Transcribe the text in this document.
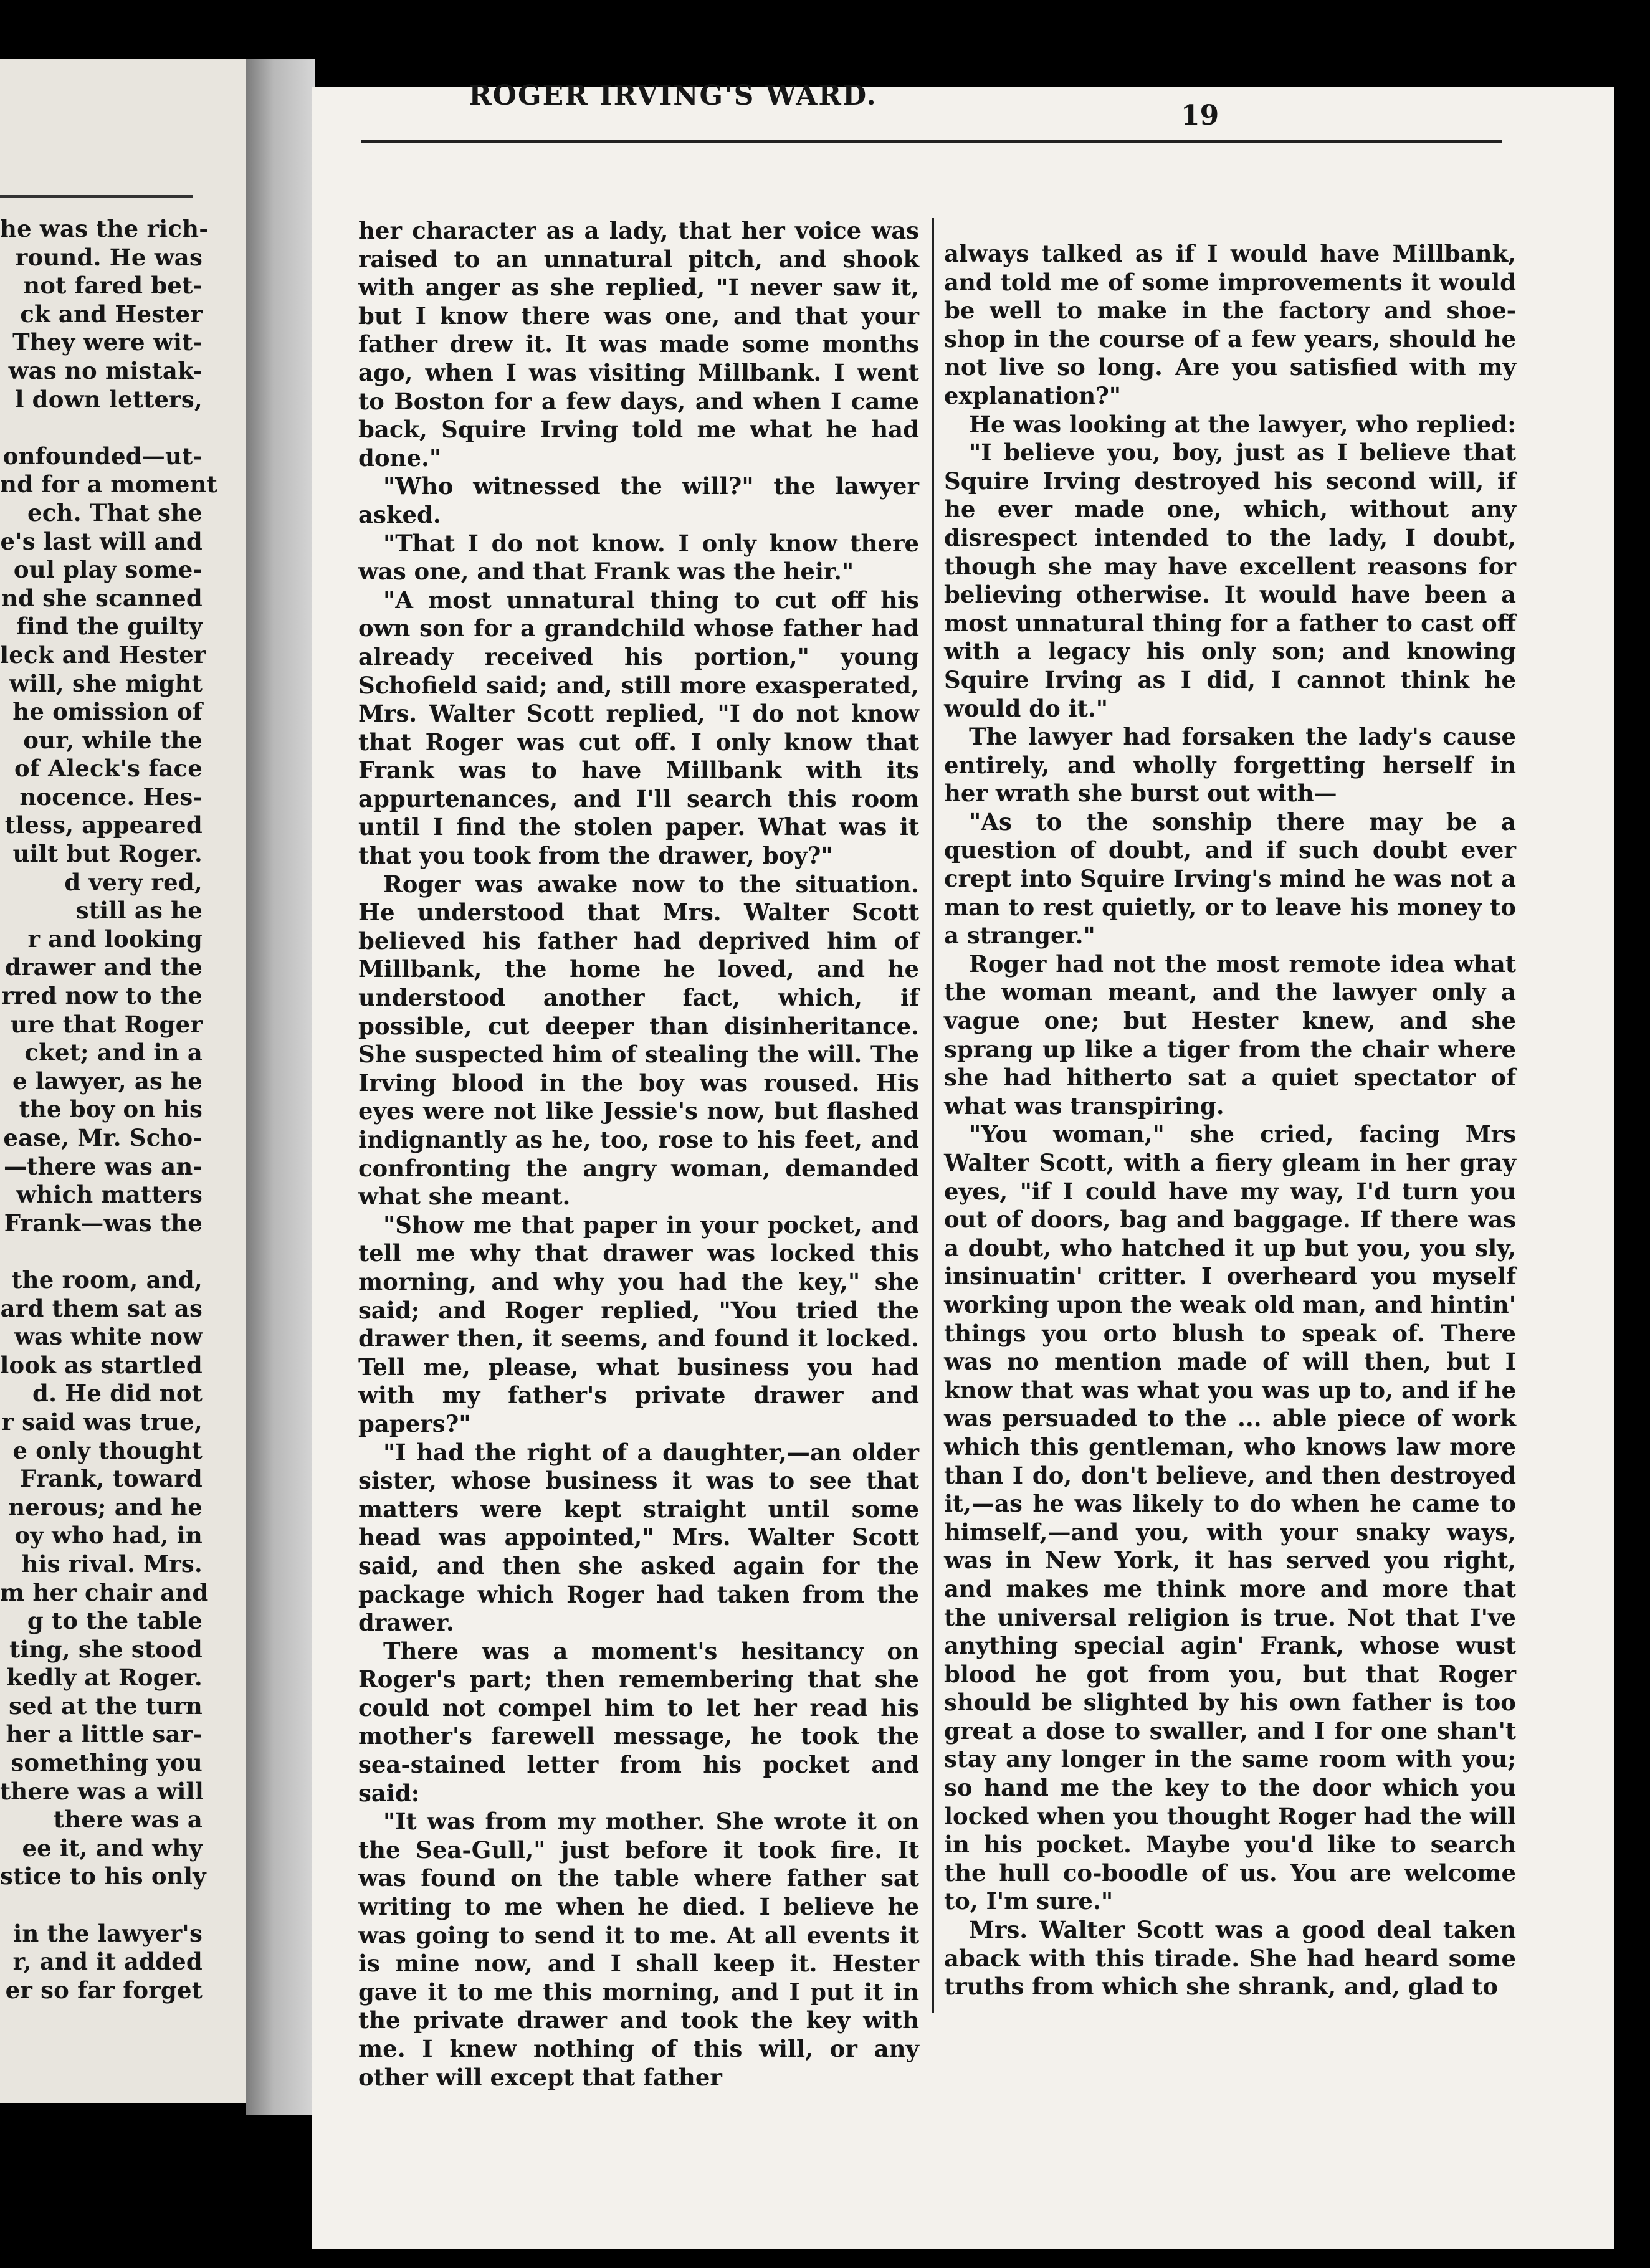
he was the rich-
round. He was
not fared bet-
ck and Hester
They were wit-
was no mistak-
l down letters,
onfounded—ut-
nd for a moment
ech. That she
e's last will and
oul play some-
nd she scanned
find the guilty
leck and Hester
will, she might
he omission of
our, while the
of Aleck's face
nocence. Hes-
tless, appeared
uilt but Roger.
d very red,
still as he
r and looking
drawer and the
rred now to the
ure that Roger
cket; and in a
e lawyer, as he
the boy on his
ease, Mr. Scho-
—there was an-
which matters
Frank—was the
the room, and,
ard them sat as
was white now
look as startled
d. He did not
r said was true,
e only thought
Frank, toward
nerous; and he
oy who had, in
his rival. Mrs.
m her chair and
g to the table
ting, she stood
kedly at Roger.
sed at the turn
her a little sar-
something you
there was a will
there was a
ee it, and why
stice to his only
in the lawyer's
r, and it added
er so far forget
ROGER IRVING'S WARD.
19

her character as a lady, that her voice was raised to an unnatural pitch, and shook with anger as she replied, "I never saw it, but I know there was one, and that your father drew it. It was made some months ago, when I was visiting Millbank. I went to Boston for a few days, and when I came back, Squire Irving told me what he had done."

"Who witnessed the will?" the lawyer asked.

"That I do not know. I only know there was one, and that Frank was the heir."

"A most unnatural thing to cut off his own son for a grandchild whose father had already received his portion," young Schofield said; and, still more exasperated, Mrs. Walter Scott replied, "I do not know that Roger was cut off. I only know that Frank was to have Millbank with its appurtenances, and I'll search this room until I find the stolen paper. What was it that you took from the drawer, boy?"

Roger was awake now to the situation. He understood that Mrs. Walter Scott believed his father had deprived him of Millbank, the home he loved, and he understood another fact, which, if possible, cut deeper than disinheritance. She suspected him of stealing the will. The Irving blood in the boy was roused. His eyes were not like Jessie's now, but flashed indignantly as he, too, rose to his feet, and confronting the angry woman, demanded what she meant.

"Show me that paper in your pocket, and tell me why that drawer was locked this morning, and why you had the key," she said; and Roger replied, "You tried the drawer then, it seems, and found it locked. Tell me, please, what business you had with my father's private drawer and papers?"

"I had the right of a daughter,—an older sister, whose business it was to see that matters were kept straight until some head was appointed," Mrs. Walter Scott said, and then she asked again for the package which Roger had taken from the drawer.

There was a moment's hesitancy on Roger's part; then remembering that she could not compel him to let her read his mother's farewell message, he took the sea-stained letter from his pocket and said:

"It was from my mother. She wrote it on the Sea-Gull," just before it took fire. It was found on the table where father sat writing to me when he died. I believe he was going to send it to me. At all events it is mine now, and I shall keep it. Hester gave it to me this morning, and I put it in the private drawer and took the key with me. I knew nothing of this will, or any other will except that father

always talked as if I would have Millbank, and told me of some improvements it would be well to make in the factory and shoe-shop in the course of a few years, should he not live so long. Are you satisfied with my explanation?"

He was looking at the lawyer, who replied:

"I believe you, boy, just as I believe that Squire Irving destroyed his second will, if he ever made one, which, without any disrespect intended to the lady, I doubt, though she may have excellent reasons for believing otherwise. It would have been a most unnatural thing for a father to cast off with a legacy his only son; and knowing Squire Irving as I did, I cannot think he would do it."

The lawyer had forsaken the lady's cause entirely, and wholly forgetting herself in her wrath she burst out with—

"As to the sonship there may be a question of doubt, and if such doubt ever crept into Squire Irving's mind he was not a man to rest quietly, or to leave his money to a stranger."

Roger had not the most remote idea what the woman meant, and the lawyer only a vague one; but Hester knew, and she sprang up like a tiger from the chair where she had hitherto sat a quiet spectator of what was transpiring.

"You woman," she cried, facing Mrs Walter Scott, with a fiery gleam in her gray eyes, "if I could have my way, I'd turn you out of doors, bag and baggage. If there was a doubt, who hatched it up but you, you sly, insinuatin' critter. I overheard you myself working upon the weak old man, and hintin' things you orto blush to speak of. There was no mention made of will then, but I know that was what you was up to, and if he was persuaded to the ... able piece of work which this gentleman, who knows law more than I do, don't believe, and then destroyed it,—as he was likely to do when he came to himself,—and you, with your snaky ways, was in New York, it has served you right, and makes me think more and more that the universal religion is true. Not that I've anything special agin' Frank, whose wust blood he got from you, but that Roger should be slighted by his own father is too great a dose to swaller, and I for one shan't stay any longer in the same room with you; so hand me the key to the door which you locked when you thought Roger had the will in his pocket. Maybe you'd like to search the hull co-boodle of us. You are welcome to, I'm sure."

Mrs. Walter Scott was a good deal taken aback with this tirade. She had heard some truths from which she shrank, and, glad to
